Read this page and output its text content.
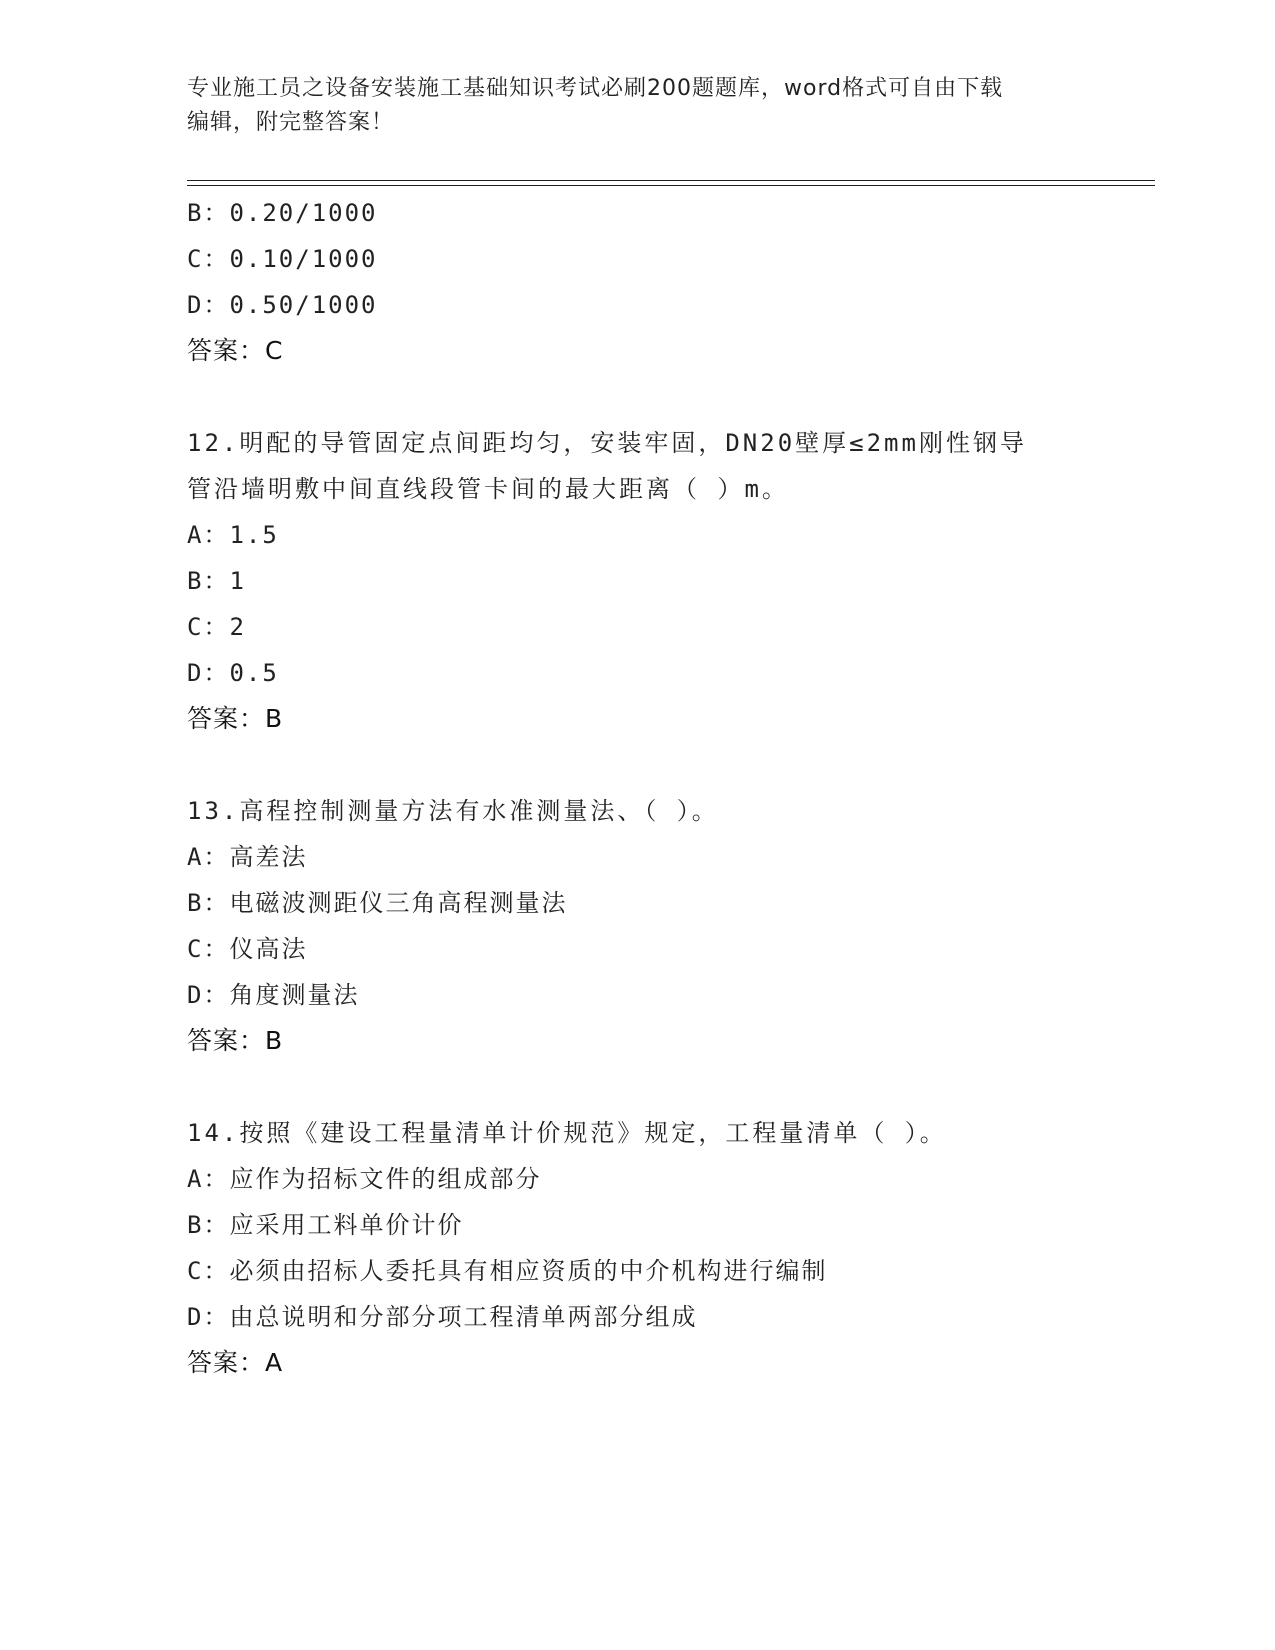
专业施工员之设备安装施工基础知识考试必刷200题题库，word格式可自由下载
编辑，附完整答案！
B：0.20/1000
C：0.10/1000
D：0.50/1000
答案：C
12.明配的导管固定点间距均匀，安装牢固，DN20壁厚≤2mm刚性钢导
管沿墙明敷中间直线段管卡间的最大距离（ ）m。
A：1.5
B：1
C：2
D：0.5
答案：B
13.高程控制测量方法有水准测量法、（ ）。
A：高差法
B：电磁波测距仪三角高程测量法
C：仪高法
D：角度测量法
答案：B
14.按照《建设工程量清单计价规范》规定，工程量清单（ ）。
A：应作为招标文件的组成部分
B：应采用工料单价计价
C：必须由招标人委托具有相应资质的中介机构进行编制
D：由总说明和分部分项工程清单两部分组成
答案：A
